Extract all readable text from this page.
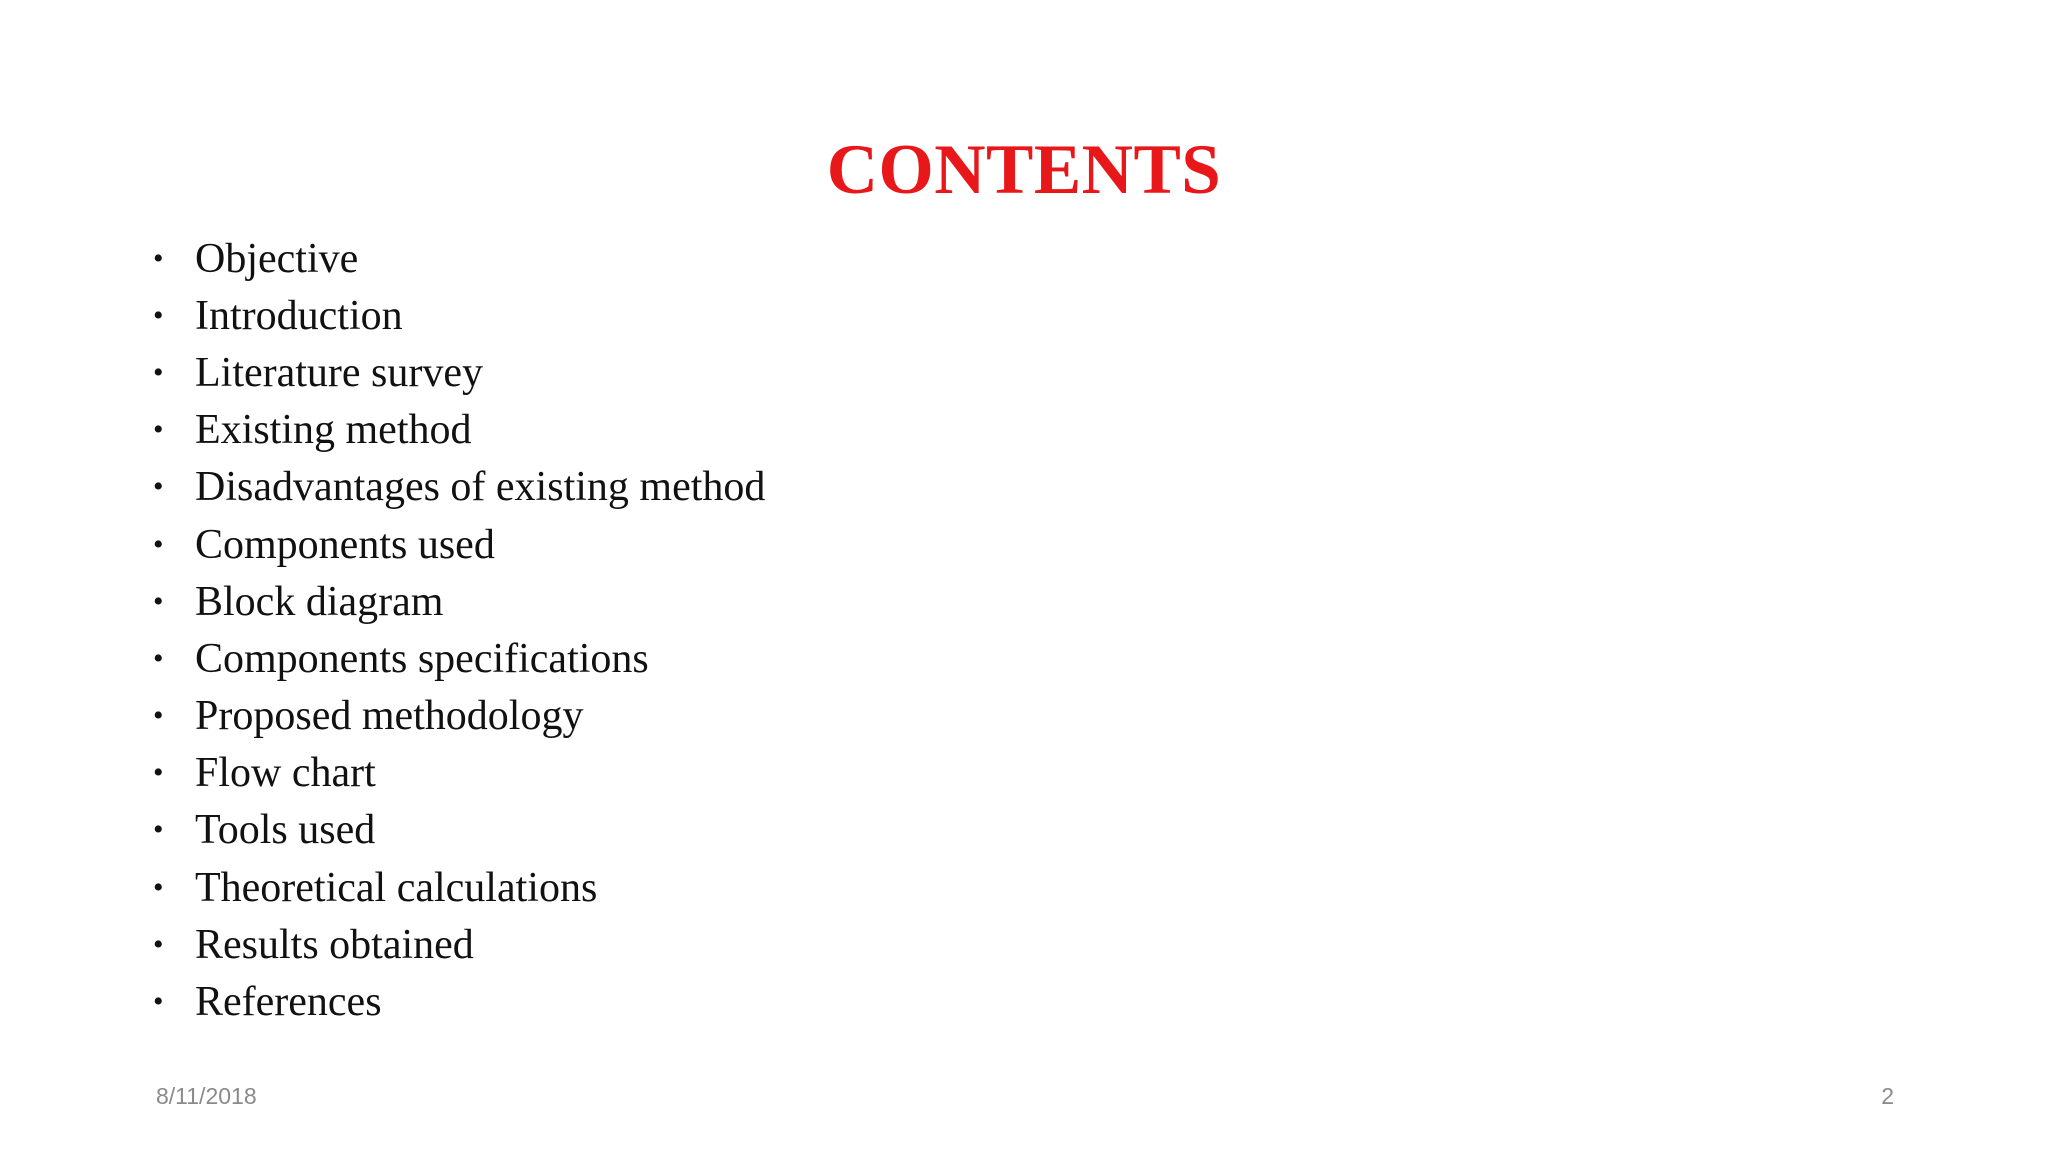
CONTENTS
• Objective
• Introduction
• Literature survey
• Existing method
• Disadvantages of existing method
• Components used
• Block diagram
• Components specifications
• Proposed methodology
• Flow chart
• Tools used
• Theoretical calculations
• Results obtained
• References
8/11/2018	2
